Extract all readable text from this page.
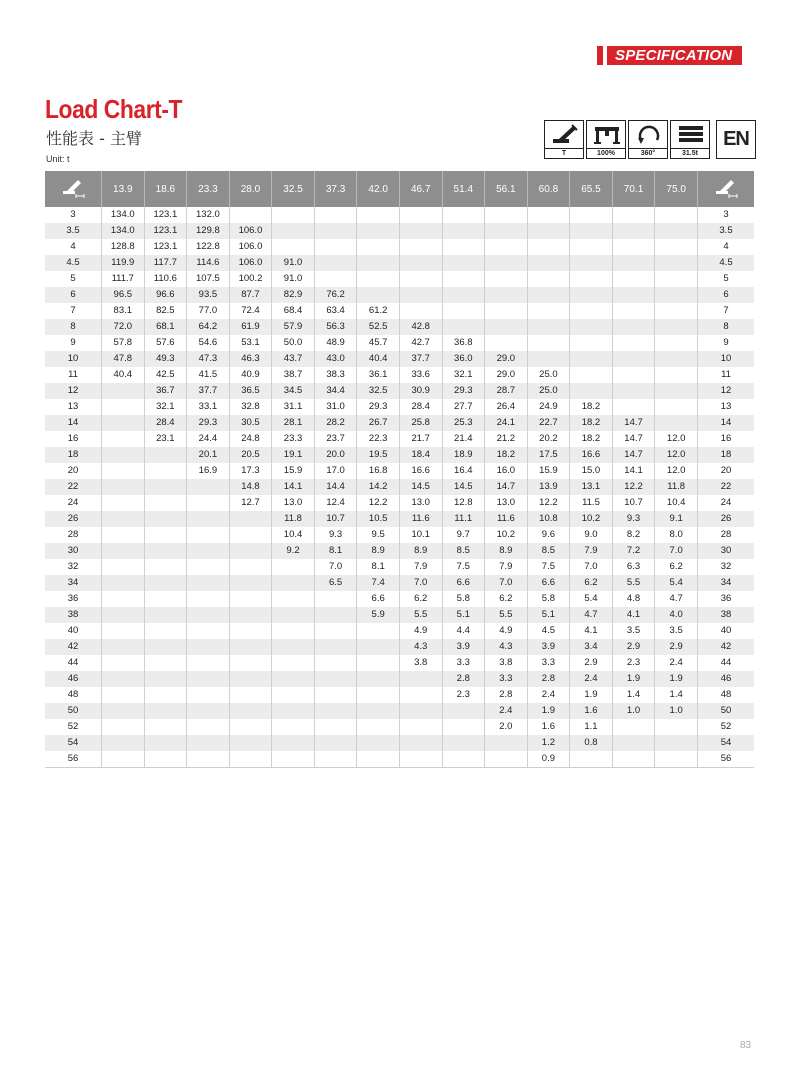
SPECIFICATION
Load Chart-T
性能表 - 主臂
Unit: t
T	100%	360°	31.5t
EN
	13.9	18.6	23.3	28.0	32.5	37.3	42.0	46.7	51.4	56.1	60.8	65.5	70.1	75.0	
3	134.0	123.1	132.0												3
3.5	134.0	123.1	129.8	106.0											3.5
4	128.8	123.1	122.8	106.0											4
4.5	119.9	117.7	114.6	106.0	91.0										4.5
5	111.7	110.6	107.5	100.2	91.0										5
6	96.5	96.6	93.5	87.7	82.9	76.2									6
7	83.1	82.5	77.0	72.4	68.4	63.4	61.2								7
8	72.0	68.1	64.2	61.9	57.9	56.3	52.5	42.8							8
9	57.8	57.6	54.6	53.1	50.0	48.9	45.7	42.7	36.8						9
10	47.8	49.3	47.3	46.3	43.7	43.0	40.4	37.7	36.0	29.0					10
11	40.4	42.5	41.5	40.9	38.7	38.3	36.1	33.6	32.1	29.0	25.0				11
12		36.7	37.7	36.5	34.5	34.4	32.5	30.9	29.3	28.7	25.0				12
13		32.1	33.1	32.8	31.1	31.0	29.3	28.4	27.7	26.4	24.9	18.2			13
14		28.4	29.3	30.5	28.1	28.2	26.7	25.8	25.3	24.1	22.7	18.2	14.7		14
16		23.1	24.4	24.8	23.3	23.7	22.3	21.7	21.4	21.2	20.2	18.2	14.7	12.0	16
18			20.1	20.5	19.1	20.0	19.5	18.4	18.9	18.2	17.5	16.6	14.7	12.0	18
20			16.9	17.3	15.9	17.0	16.8	16.6	16.4	16.0	15.9	15.0	14.1	12.0	20
22				14.8	14.1	14.4	14.2	14.5	14.5	14.7	13.9	13.1	12.2	11.8	22
24				12.7	13.0	12.4	12.2	13.0	12.8	13.0	12.2	11.5	10.7	10.4	24
26					11.8	10.7	10.5	11.6	11.1	11.6	10.8	10.2	9.3	9.1	26
28					10.4	9.3	9.5	10.1	9.7	10.2	9.6	9.0	8.2	8.0	28
30					9.2	8.1	8.9	8.9	8.5	8.9	8.5	7.9	7.2	7.0	30
32						7.0	8.1	7.9	7.5	7.9	7.5	7.0	6.3	6.2	32
34						6.5	7.4	7.0	6.6	7.0	6.6	6.2	5.5	5.4	34
36							6.6	6.2	5.8	6.2	5.8	5.4	4.8	4.7	36
38							5.9	5.5	5.1	5.5	5.1	4.7	4.1	4.0	38
40								4.9	4.4	4.9	4.5	4.1	3.5	3.5	40
42								4.3	3.9	4.3	3.9	3.4	2.9	2.9	42
44								3.8	3.3	3.8	3.3	2.9	2.3	2.4	44
46									2.8	3.3	2.8	2.4	1.9	1.9	46
48									2.3	2.8	2.4	1.9	1.4	1.4	48
50										2.4	1.9	1.6	1.0	1.0	50
52										2.0	1.6	1.1			52
54											1.2	0.8			54
56											0.9				56
83
